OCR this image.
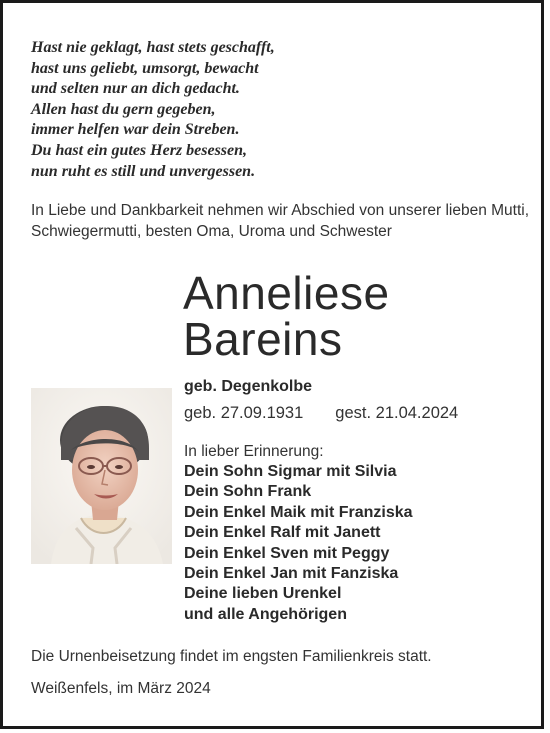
Hast nie geklagt, hast stets geschafft,
hast uns geliebt, umsorgt, bewacht
und selten nur an dich gedacht.
Allen hast du gern gegeben,
immer helfen war dein Streben.
Du hast ein gutes Herz besessen,
nun ruht es still und unvergessen.
In Liebe und Dankbarkeit nehmen wir Abschied von unserer lieben Mutti, Schwiegermutti, besten Oma, Uroma und Schwester
Anneliese
Bareins
geb. Degenkolbe
geb. 27.09.1931 gest. 21.04.2024
In lieber Erinnerung:
Dein Sohn Sigmar mit Silvia
Dein Sohn Frank
Dein Enkel Maik mit Franziska
Dein Enkel Ralf mit Janett
Dein Enkel Sven mit Peggy
Dein Enkel Jan mit Fanziska
Deine lieben Urenkel
und alle Angehörigen
Die Urnenbeisetzung findet im engsten Familienkreis statt.
Weißenfels, im März 2024
